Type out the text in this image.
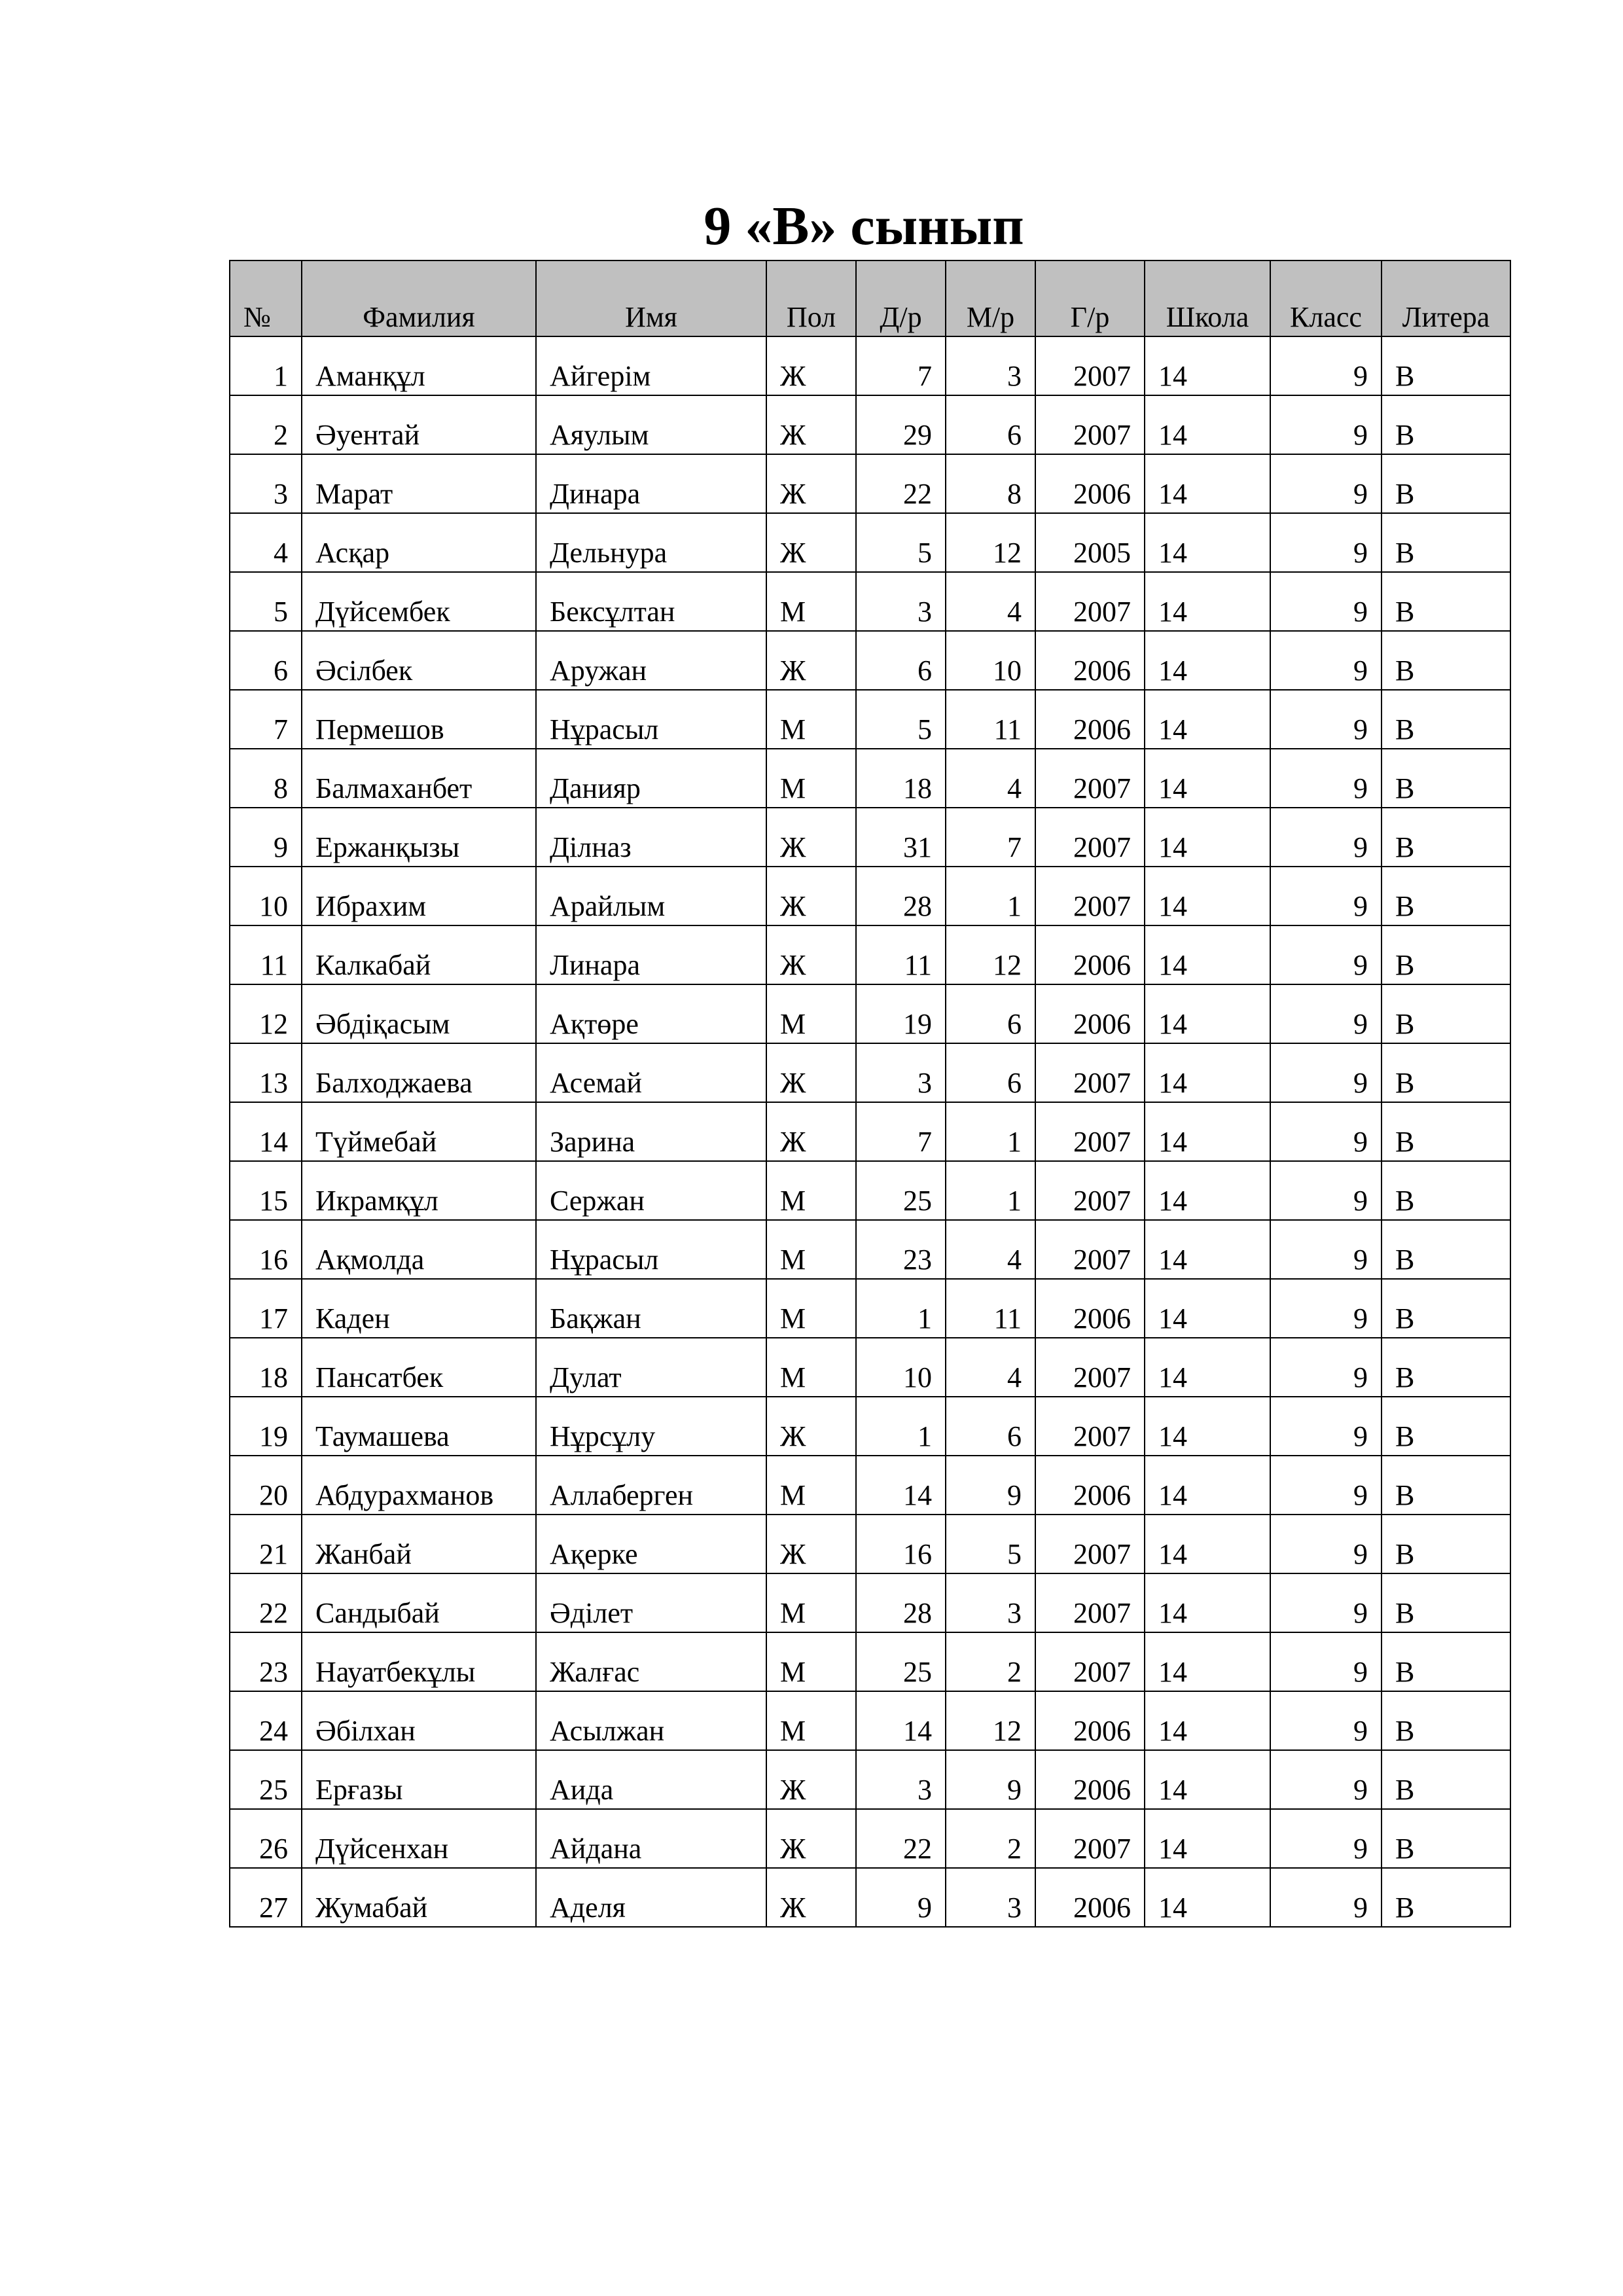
9 «В» сынып
№	Фамилия	Имя	Пол	Д/р	М/р	Г/р	Школа	Класс	Литера
1	Аманқұл	Айгерім	Ж	7	3	2007	14	9	В
2	Әуентай	Аяулым	Ж	29	6	2007	14	9	В
3	Марат	Динара	Ж	22	8	2006	14	9	В
4	Асқар	Дельнура	Ж	5	12	2005	14	9	В
5	Дүйсембек	Бексұлтан	М	3	4	2007	14	9	В
6	Әсілбек	Аружан	Ж	6	10	2006	14	9	В
7	Пермешов	Нұрасыл	М	5	11	2006	14	9	В
8	Балмаханбет	Данияр	М	18	4	2007	14	9	В
9	Ержанқызы	Ділназ	Ж	31	7	2007	14	9	В
10	Ибрахим	Арайлым	Ж	28	1	2007	14	9	В
11	Калкабай	Линара	Ж	11	12	2006	14	9	В
12	Әбдіқасым	Ақтөре	М	19	6	2006	14	9	В
13	Балходжаева	Асемай	Ж	3	6	2007	14	9	В
14	Түймебай	Зарина	Ж	7	1	2007	14	9	В
15	Икрамқұл	Сержан	М	25	1	2007	14	9	В
16	Ақмолда	Нұрасыл	М	23	4	2007	14	9	В
17	Каден	Бақжан	М	1	11	2006	14	9	В
18	Пансатбек	Дулат	М	10	4	2007	14	9	В
19	Таумашева	Нұрсұлу	Ж	1	6	2007	14	9	В
20	Абдурахманов	Аллаберген	М	14	9	2006	14	9	В
21	Жанбай	Ақерке	Ж	16	5	2007	14	9	В
22	Сандыбай	Әділет	М	28	3	2007	14	9	В
23	Науатбекұлы	Жалғас	М	25	2	2007	14	9	В
24	Әбілхан	Асылжан	М	14	12	2006	14	9	В
25	Ерғазы	Аида	Ж	3	9	2006	14	9	В
26	Дүйсенхан	Айдана	Ж	22	2	2007	14	9	В
27	Жумабай	Аделя	Ж	9	3	2006	14	9	В
